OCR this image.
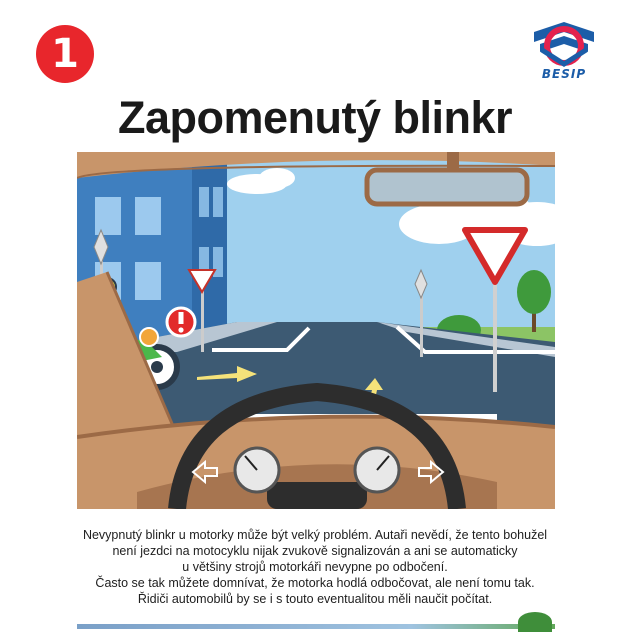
1	BESIP
Zapomenutý blinkr
Nevypnutý blinkr u motorky může být velký problém. Autaři nevědí, že tento bohužel
není jezdci na motocyklu nijak zvukově signalizován a ani se automaticky
u většiny strojů motorkáři nevypne po odbočení.
Často se tak můžete domnívat, že motorka hodlá odbočovat, ale není tomu tak.
Řidiči automobilů by se i s touto eventualitou měli naučit počítat.
